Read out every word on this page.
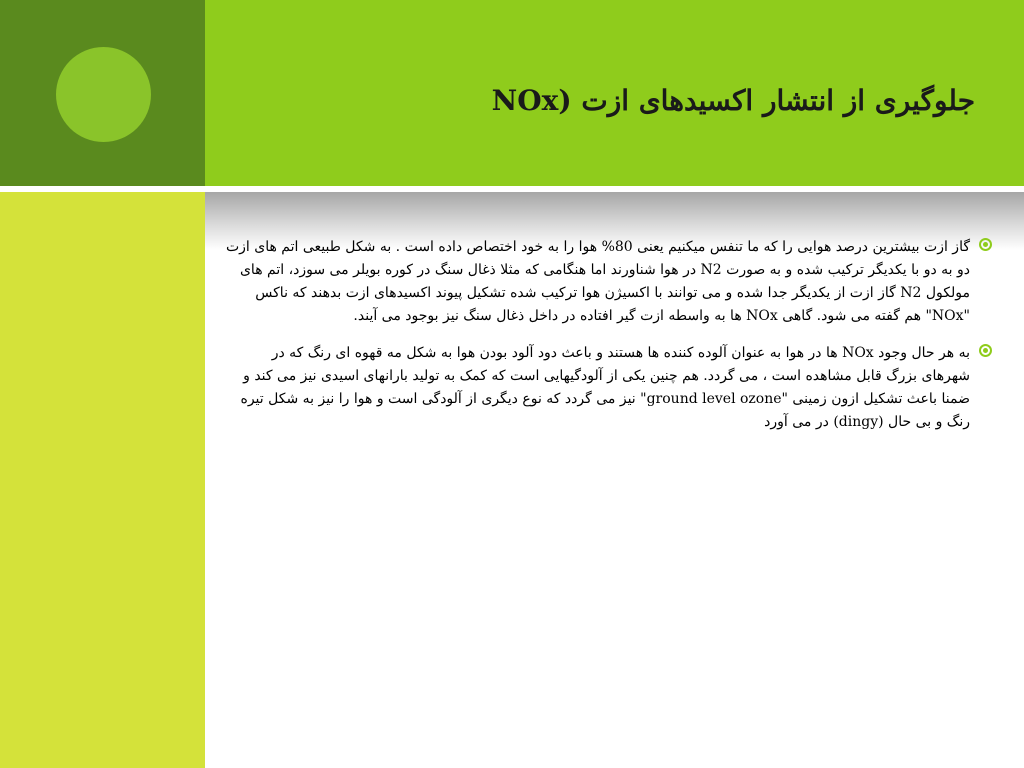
جلوگیری از انتشار اکسیدهای ازت (NOx
گاز ازت بیشترین درصد هوایی را که ما تنفس میکنیم یعنی 80% هوا را به خود اختصاص داده است . به شکل طبیعی اتم های ازت دو به دو با یکدیگر ترکیب شده و به صورت N2 در هوا شناورند اما هنگامی که مثلا ذغال سنگ در کوره بویلر می سوزد، اتم های مولکول N2 گاز ازت از یکدیگر جدا شده و می توانند با اکسیژن هوا ترکیب شده تشکیل پیوند اکسیدهای ازت بدهند که ناکس "NOx" هم گفته می شود. گاهی NOx ها به واسطه ازت گیر افتاده در داخل ذغال سنگ نیز بوجود می آیند.
به هر حال وجود NOx ها در هوا به عنوان آلوده کننده ها هستند و باعث دود آلود بودن هوا به شکل مه قهوه ای رنگ که در شهرهای بزرگ قابل مشاهده است ، می گردد. هم چنین یکی از آلودگیهایی است که کمک به تولید بارانهای اسیدی نیز می کند و ضمنا باعث تشکیل ازون زمینی "ground level ozone" نیز می گردد که نوع دیگری از آلودگی است و هوا را نیز به شکل تیره رنگ و بی حال (dingy) در می آورد
